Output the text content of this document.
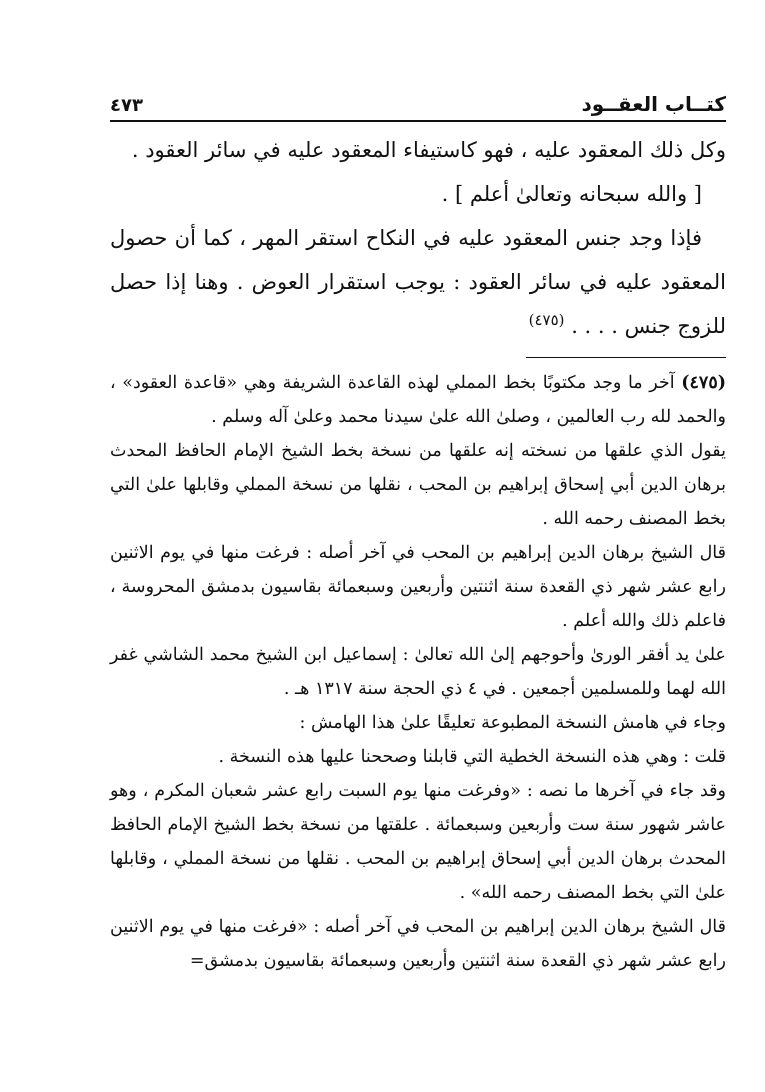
كتــاب العقــود
٤٧٣

وكل ذلك المعقود عليه ، فهو كاستيفاء المعقود عليه في سائر العقود .

[ والله سبحانه وتعالىٰ أعلم ] .

فإذا وجد جنس المعقود عليه في النكاح استقر المهر ، كما أن حصول المعقود عليه في سائر العقود : يوجب استقرار العوض . وهنا إذا حصل للزوج جنس . . . . $^{(٤٧٥)}$

(٤٧٥) آخر ما وجد مكتوبًا بخط المملي لهذه القاعدة الشريفة وهي «قاعدة العقود» ، والحمد لله رب العالمين ، وصلىٰ الله علىٰ سيدنا محمد وعلىٰ آله وسلم .

يقول الذي علقها من نسخته إنه علقها من نسخة بخط الشيخ الإمام الحافظ المحدث برهان الدين أبي إسحاق إبراهيم بن المحب ، نقلها من نسخة المملي وقابلها علىٰ التي بخط المصنف رحمه الله .

قال الشيخ برهان الدين إبراهيم بن المحب في آخر أصله : فرغت منها في يوم الاثنين رابع عشر شهر ذي القعدة سنة اثنتين وأربعين وسبعمائة بقاسيون بدمشق المحروسة ، فاعلم ذلك والله أعلم .

علىٰ يد أفقر الورىٰ وأحوجهم إلىٰ الله تعالىٰ : إسماعيل ابن الشيخ محمد الشاشي غفر الله لهما وللمسلمين أجمعين . في ٤ ذي الحجة سنة ١٣١٧ هـ .

وجاء في هامش النسخة المطبوعة تعليقًا علىٰ هذا الهامش :

قلت : وهي هذه النسخة الخطية التي قابلنا وصححنا عليها هذه النسخة .

وقد جاء في آخرها ما نصه : «وفرغت منها يوم السبت رابع عشر شعبان المكرم ، وهو عاشر شهور سنة ست وأربعين وسبعمائة . علقتها من نسخة بخط الشيخ الإمام الحافظ المحدث برهان الدين أبي إسحاق إبراهيم بن المحب . نقلها من نسخة المملي ، وقابلها علىٰ التي بخط المصنف رحمه الله» .

قال الشيخ برهان الدين إبراهيم بن المحب في آخر أصله : «فرغت منها في يوم الاثنين رابع عشر شهر ذي القعدة سنة اثنتين وأربعين وسبعمائة بقاسيون بدمشق=
